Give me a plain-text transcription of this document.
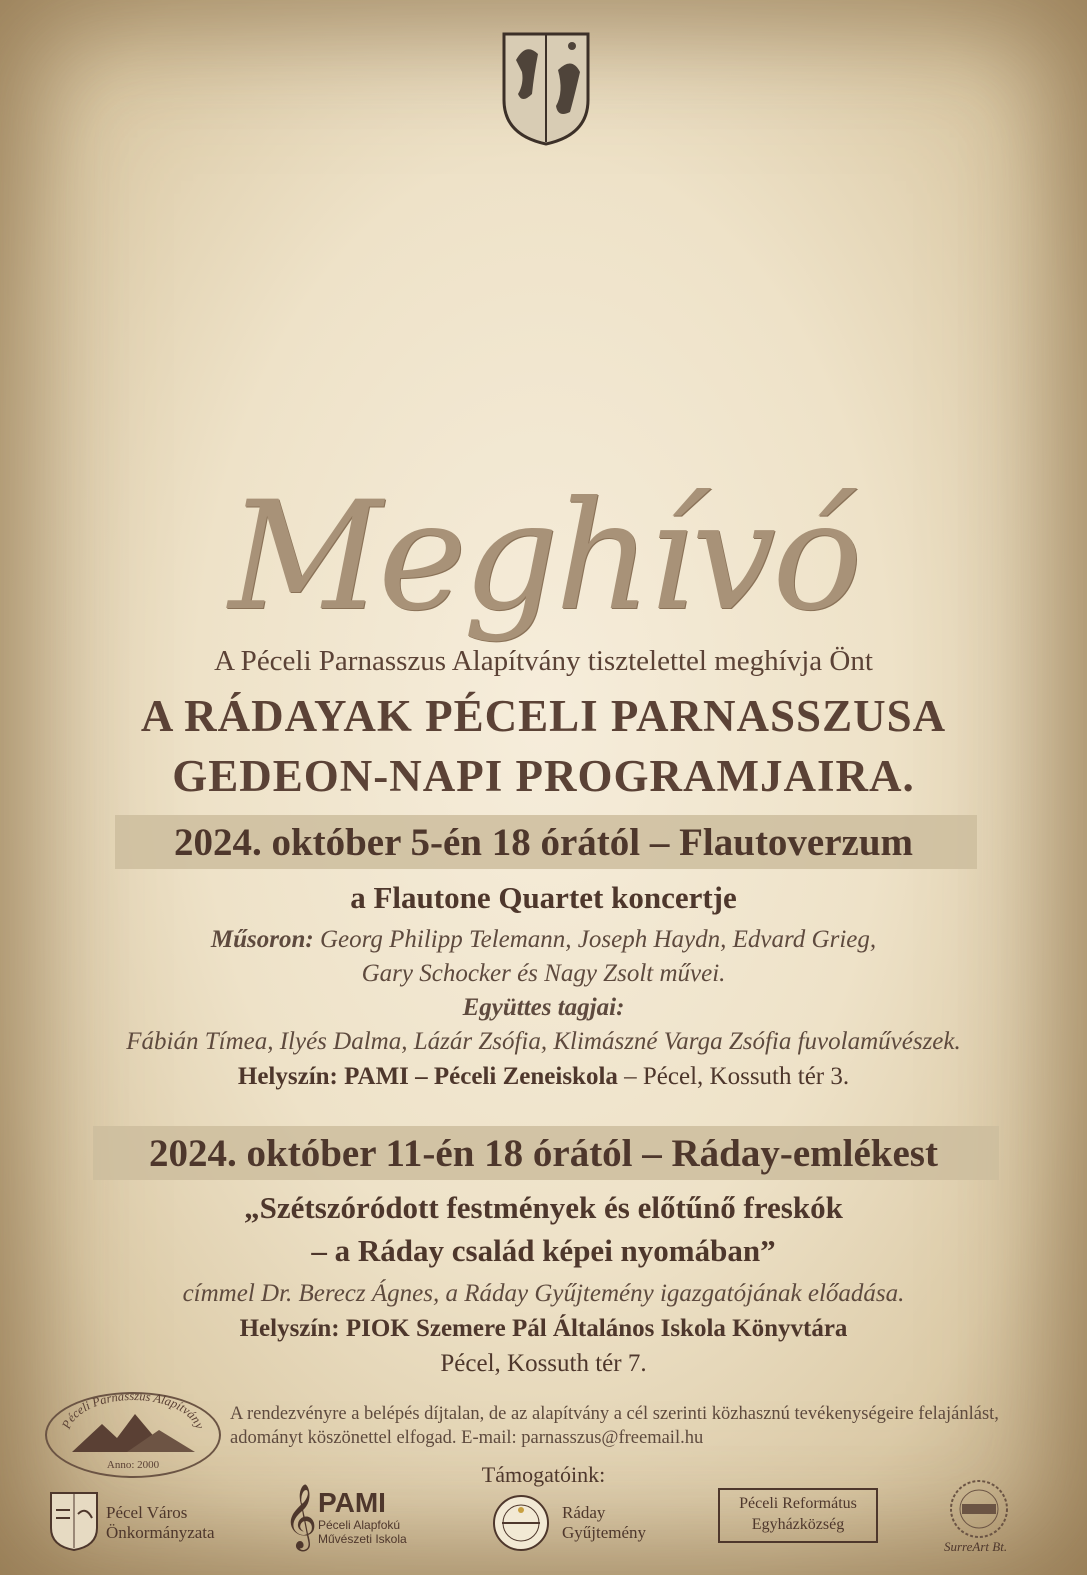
Meghívó
A Péceli Parnasszus Alapítvány tisztelettel meghívja Önt
A RÁDAYAK PÉCELI PARNASSZUSA
GEDEON-NAPI PROGRAMJAIRA.
2024. október 5-én 18 órától – Flautoverzum
a Flautone Quartet koncertje
Műsoron: Georg Philipp Telemann, Joseph Haydn, Edvard Grieg,
Gary Schocker és Nagy Zsolt művei.
Együttes tagjai:
Fábián Tímea, Ilyés Dalma, Lázár Zsófia, Klimászné Varga Zsófia fuvolaművészek.
Helyszín: PAMI – Péceli Zeneiskola – Pécel, Kossuth tér 3.
2024. október 11-én 18 órától – Ráday-emlékest
„Szétszóródott festmények és előtűnő freskók
– a Ráday család képei nyomában”
címmel Dr. Berecz Ágnes, a Ráday Gyűjtemény igazgatójának előadása.
Helyszín: PIOK Szemere Pál Általános Iskola Könyvtára
Pécel, Kossuth tér 7.
Péceli Parnasszus Alapítvány
Anno: 2000
A rendezvényre a belépés díjtalan, de az alapítvány a cél szerinti közhasznú tevékenységeire felajánlást, adományt köszönettel elfogad. E-mail: parnasszus@freemail.hu
Támogatóink:
Pécel Város
Önkormányzata 𝄞 PAMI
Péceli Alapfokú
Művészeti Iskola
Ráday
Gyűjtemény
Péceli Református
Egyházközség
SurreArt Bt.
